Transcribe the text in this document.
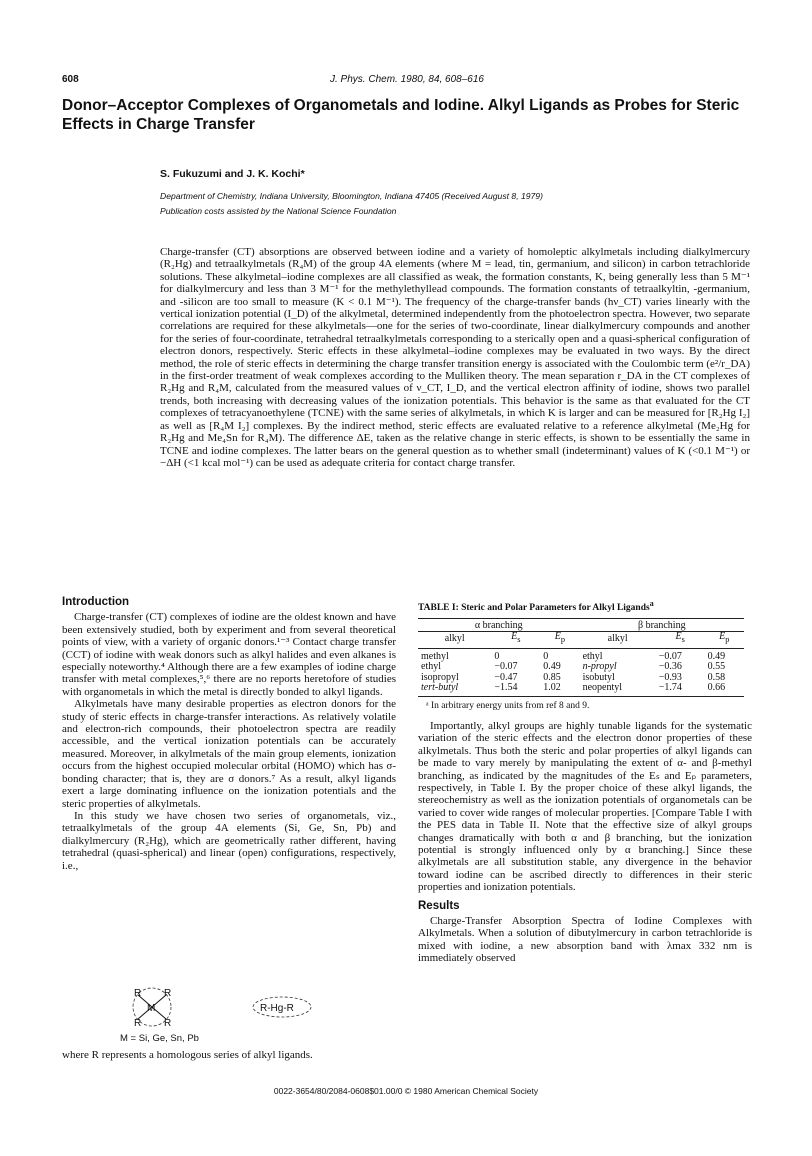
608	J. Phys. Chem. 1980, 84, 608–616
Donor–Acceptor Complexes of Organometals and Iodine. Alkyl Ligands as Probes for Steric Effects in Charge Transfer
S. Fukuzumi and J. K. Kochi*
Department of Chemistry, Indiana University, Bloomington, Indiana 47405 (Received August 8, 1979)
Publication costs assisted by the National Science Foundation

Charge-transfer (CT) absorptions are observed between iodine and a variety of homoleptic alkylmetals including dialkylmercury (R₂Hg) and tetraalkylmetals (R₄M) of the group 4A elements (where M = lead, tin, germanium, and silicon) in carbon tetrachloride solutions. These alkylmetal–iodine complexes are all classified as weak, the formation constants, K, being generally less than 5 M⁻¹ for dialkylmercury and less than 3 M⁻¹ for the methylethyllead compounds. The formation constants of tetraalkyltin, -germanium, and -silicon are too small to measure (K < 0.1 M⁻¹). The frequency of the charge-transfer bands (hν_CT) varies linearly with the vertical ionization potential (I_D) of the alkylmetal, determined independently from the photoelectron spectra. However, two separate correlations are required for these alkylmetals—one for the series of two-coordinate, linear dialkylmercury compounds and another for the series of four-coordinate, tetrahedral tetraalkylmetals corresponding to a sterically open and a quasi-spherical configuration of electron donors, respectively. Steric effects in these alkylmetal–iodine complexes may be evaluated in two ways. By the direct method, the role of steric effects in determining the charge transfer transition energy is associated with the Coulombic term (e²/r_DA) in the first-order treatment of weak complexes according to the Mulliken theory. The mean separation r_DA in the CT complexes of R₂Hg and R₄M, calculated from the measured values of ν_CT, I_D, and the vertical electron affinity of iodine, shows two parallel trends, both increasing with decreasing values of the ionization potentials. This behavior is the same as that evaluated for the CT complexes of tetracyanoethylene (TCNE) with the same series of alkylmetals, in which K is larger and can be measured for [R₂Hg I₂] as well as [R₄M I₂] complexes. By the indirect method, steric effects are evaluated relative to a reference alkylmetal (Me₂Hg for R₂Hg and Me₄Sn for R₄M). The difference ΔE, taken as the relative change in steric effects, is shown to be essentially the same in TCNE and iodine complexes. The latter bears on the general question as to whether small (indeterminant) values of K (<0.1 M⁻¹) or −ΔH (<1 kcal mol⁻¹) can be used as adequate criteria for contact charge transfer.

Introduction

Charge-transfer (CT) complexes of iodine are the oldest known and have been extensively studied, both by experiment and from several theoretical points of view, with a variety of organic donors.¹⁻³ Contact charge transfer (CCT) of iodine with weak donors such as alkyl halides and even alkanes is especially noteworthy.⁴ Although there are a few examples of iodine charge transfer with metal complexes,⁵,⁶ there are no reports heretofore of studies with organometals in which the metal is directly bonded to alkyl ligands.

Alkylmetals have many desirable properties as electron donors for the study of steric effects in charge-transfer interactions. As relatively volatile and electron-rich compounds, their photoelectron spectra are readily accessible, and the vertical ionization potentials can be accurately measured. Moreover, in alkylmetals of the main group elements, ionization occurs from the highest occupied molecular orbital (HOMO) which has σ-bonding character; that is, they are σ donors.⁷ As a result, alkyl ligands exert a large dominating influence on the ionization potentials and the steric properties of alkylmetals.

In this study we have chosen two series of organometals, viz., tetraalkylmetals of the group 4A elements (Si, Ge, Sn, Pb) and dialkylmercury (R₂Hg), which are geometrically rather different, having tetrahedral (quasi-spherical) and linear (open) configurations, respectively, i.e.,

R R
M
R R
M = Si, Ge, Sn, Pb
R-Hg-R

where R represents a homologous series of alkyl ligands.

TABLE I: Steric and Polar Parameters for Alkyl Ligands$^a$
α branching			β branching		
alkyl	$E_s$	$E_p$	alkyl	$E_s$	$E_p$
methyl	0	0	ethyl	−0.07	0.49
ethyl	−0.07	0.49	n-propyl	−0.36	0.55
isopropyl	−0.47	0.85	isobutyl	−0.93	0.58
tert-butyl	−1.54	1.02	neopentyl	−1.74	0.66
ᵃ In arbitrary energy units from ref 8 and 9.

Importantly, alkyl groups are highly tunable ligands for the systematic variation of the steric effects and the electron donor properties of these alkylmetals. Thus both the steric and polar properties of alkyl ligands can be made to vary merely by manipulating the extent of α- and β-methyl branching, as indicated by the magnitudes of the Eₛ and Eₚ parameters, respectively, in Table I. By the proper choice of these alkyl ligands, the stereochemistry as well as the ionization potentials of organometals can be varied to cover wide ranges of molecular properties. [Compare Table I with the PES data in Table II. Note that the effective size of alkyl groups changes dramatically with both α and β branching, but the ionization potential is strongly influenced only by α branching.] Since these alkylmetals are all substitution stable, any divergence in the behavior toward iodine can be ascribed directly to differences in their steric properties and ionization potentials.

Results

Charge-Transfer Absorption Spectra of Iodine Complexes with Alkylmetals. When a solution of dibutylmercury in carbon tetrachloride is mixed with iodine, a new absorption band with λmax 332 nm is immediately observed

0022-3654/80/2084-0608$01.00/0 © 1980 American Chemical Society
